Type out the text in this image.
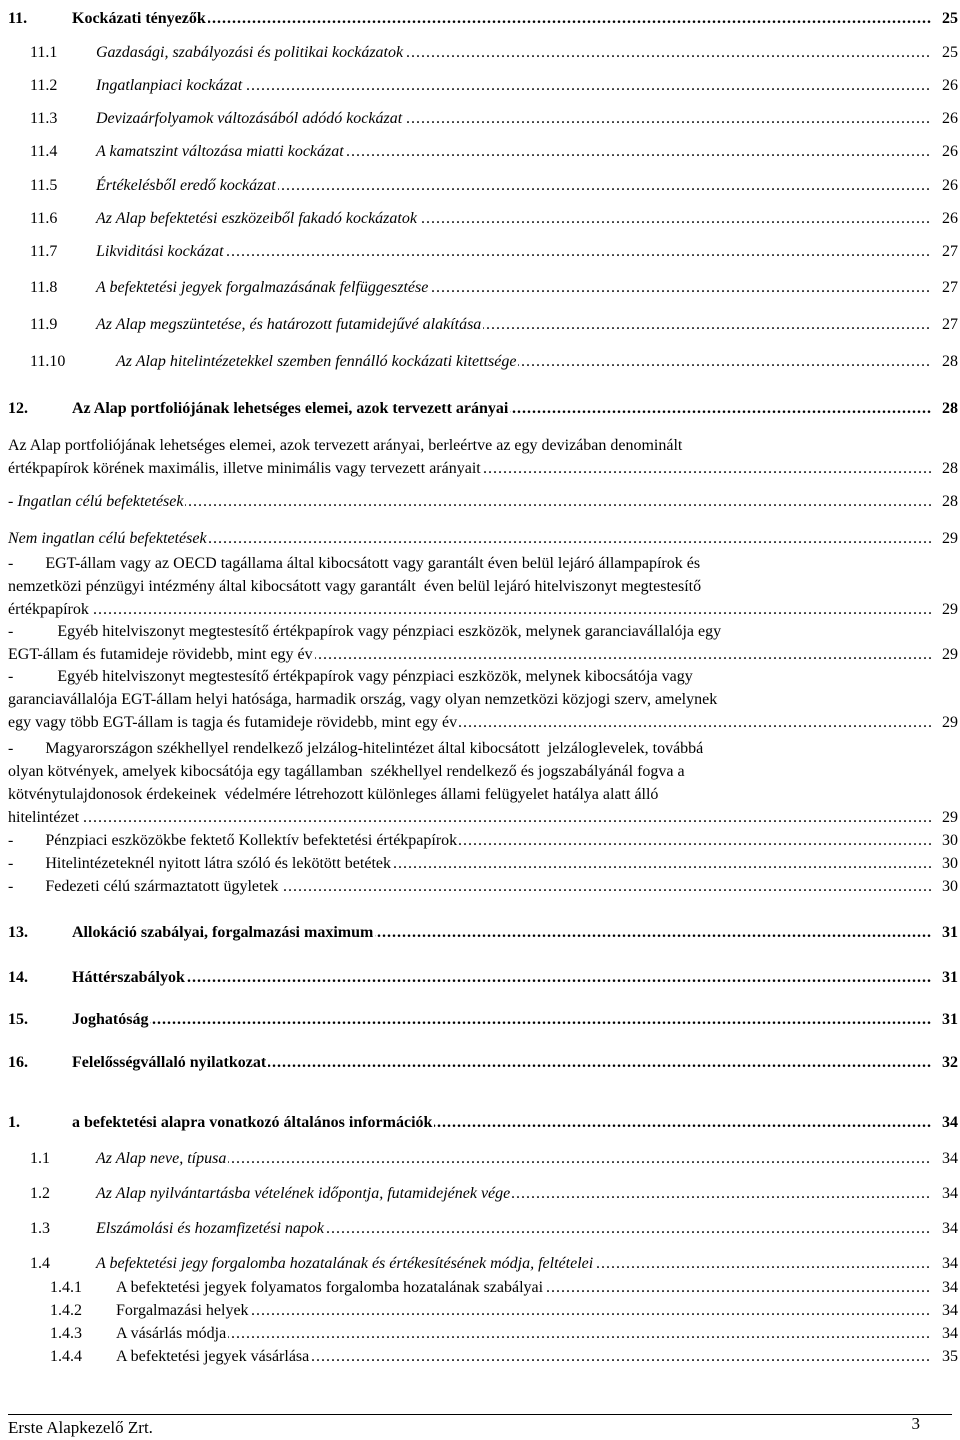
11. .....	Kockázati tényezők	25
11.1 ..... Gazdasági, szabályozási és politikai kockázatok	25
11.2 ..... Ingatlanpiaci kockázat	26
11.3 ..... Devizaárfolyamok változásából adódó kockázat	26
11.4 ..... A kamatszint változása miatti kockázat	26
11.5 ..... Értékelésből eredő kockázat	26
11.6 ..... Az Alap befektetési eszközeiből fakadó kockázatok	26
11.7 ..... Likviditási kockázat	27
11.8 ..... A befektetési jegyek forgalmazásának felfüggesztése	27
11.9 ..... Az Alap megszüntetése, és határozott futamidejűvé alakítása	27
11.10 .....	Az Alap hitelintézetekkel szemben fennálló kockázati kitettsége	28
12. .....	Az Alap portfoliójának lehetséges elemei, azok tervezett arányai	28
Az Alap portfoliójának lehetséges elemei, azok tervezett arányai, berleértve az egy devizában denominált
.....
értékpapírok körének maximális, illetve minimális vagy tervezett arányait	28
.....
- Ingatlan célú befektetések	28
.....
Nem ingatlan célú befektetések	29
-        EGT-állam vagy az OECD tagállama által kibocsátott vagy garantált éven belül lejáró állampapírok és
nemzetközi pénzügyi intézmény által kibocsátott vagy garantált  éven belül lejáró hitelviszonyt megtestesítő
.....
értékpapírok	29
-           Egyéb hitelviszonyt megtestesítő értékpapírok vagy pénzpiaci eszközök, melynek garanciavállalója egy
.....
EGT-állam és futamideje rövidebb, mint egy év	29
-           Egyéb hitelviszonyt megtestesítő értékpapírok vagy pénzpiaci eszközök, melynek kibocsátója vagy
garanciavállalója EGT-állam helyi hatósága, harmadik ország, vagy olyan nemzetközi közjogi szerv, amelynek
.....
egy vagy több EGT-állam is tagja és futamideje rövidebb, mint egy év	29
-        Magyarországon székhellyel rendelkező jelzálog-hitelintézet által kibocsátott  jelzáloglevelek, továbbá
olyan kötvények, amelyek kibocsátója egy tagállamban  székhellyel rendelkező és jogszabályánál fogva a
kötvénytulajdonosok érdekeinek  védelmére létrehozott különleges állami felügyelet hatálya alatt álló
.....
hitelintézet	29
.....
-        Pénzpiaci eszközökbe fektető Kollektív befektetési értékpapírok	30
.....
-        Hitelintézeteknél nyitott látra szóló és lekötött betétek	30
.....
-        Fedezeti célú származtatott ügyletek	30
13. .....	Allokáció szabályai, forgalmazási maximum	31
14. .....	Háttérszabályok	31
15. .....	Joghatóság	31
16. .....	Felelősségvállaló nyilatkozat	32
1. .....	a befektetési alapra vonatkozó általános információk	34
1.1 .....	Az Alap neve, típusa	34
1.2 .....	Az Alap nyilvántartásba vételének időpontja, futamidejének vége	34
1.3 .....	Elszámolási és hozamfizetési napok	34
1.4 .....	A befektetési jegy forgalomba hozatalának és értékesítésének módja, feltételei	34
1.4.1 ..... A befektetési jegyek folyamatos forgalomba hozatalának szabályai	34
1.4.2 ..... Forgalmazási helyek	34
1.4.3 ..... A vásárlás módja	34
1.4.4 ..... A befektetési jegyek vásárlása	35
Erste Alapkezelő Zrt.	3
